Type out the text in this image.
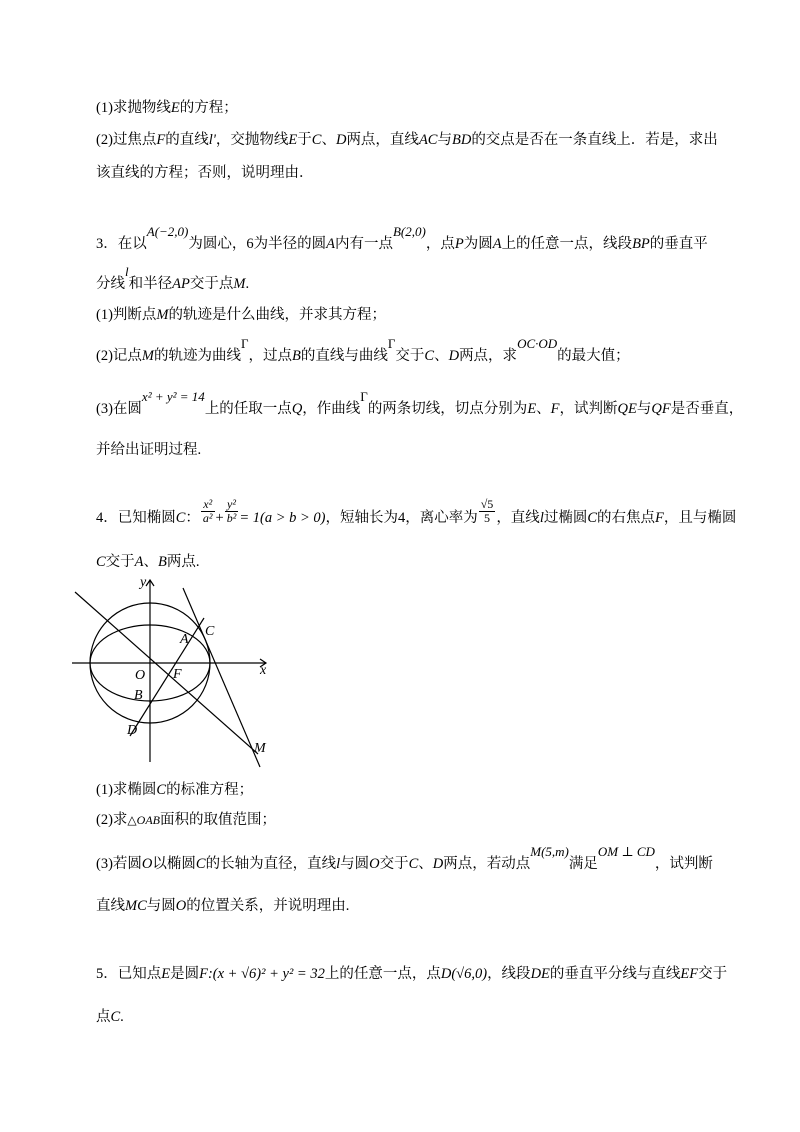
(1)求抛物线E的方程；
(2)过焦点F的直线l'，交抛物线E于C、D两点，直线AC与BD的交点是否在一条直线上．若是，求出
该直线的方程；否则，说明理由．
3．在以A(−2,0)为圆心，6为半径的圆A内有一点B(2,0)，点P为圆A上的任意一点，线段BP的垂直平
分线l和半径AP交于点M.
(1)判断点M的轨迹是什么曲线，并求其方程；
(2)记点M的轨迹为曲线Γ，过点B的直线与曲线Γ交于C、D两点，求OC·OD的最大值；
(3)在圆x² + y² = 14上的任取一点Q，作曲线Γ的两条切线，切点分别为E、F，试判断QE与QF是否垂直，
并给出证明过程.
4．已知椭圆C： $\frac{\text{x²}}{\text{a²}} + \frac{\text{y²}}{\text{b²}} = 1(a > b > 0)$，短轴长为4，离心率为 $\frac{√5}{5}$ ，直线l过椭圆C的右焦点F，且与椭圆
C交于A、B两点.
y
x
O F
A
C
B
D
M
(1)求椭圆C的标准方程；
(2)求△OAB面积的取值范围；
(3)若圆O以椭圆C的长轴为直径，直线l与圆O交于C、D两点，若动点M(5,m)满足OM ⊥ CD，试判断
直线MC与圆O的位置关系，并说明理由.
5．已知点E是圆F:(x + √6)² + y² = 32上的任意一点，点D(√6,0)，线段DE的垂直平分线与直线EF交于
点C.
